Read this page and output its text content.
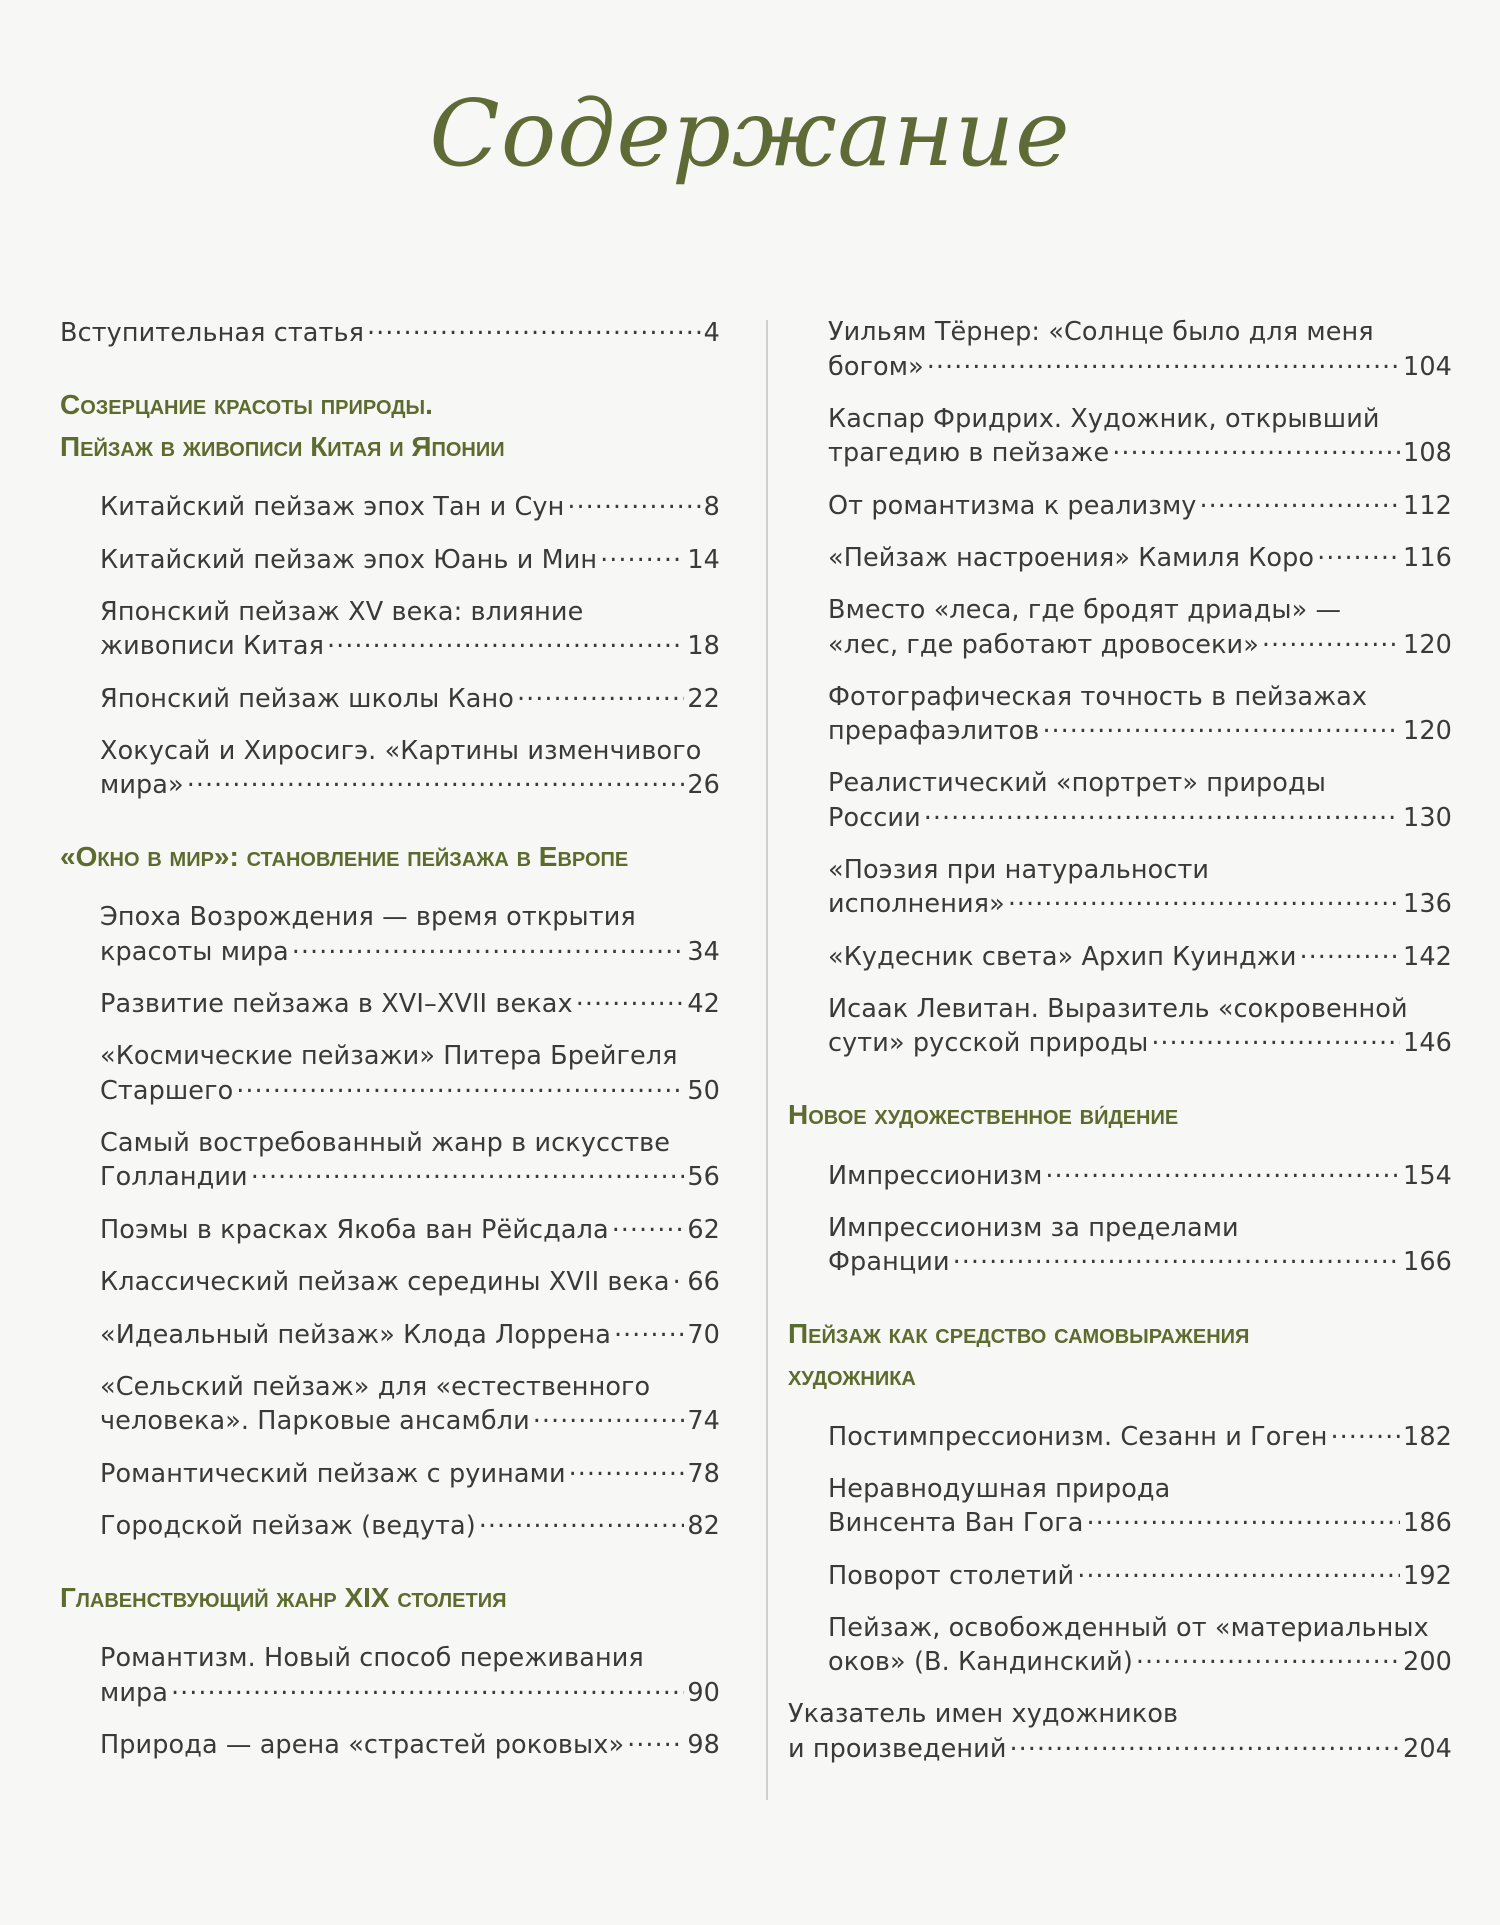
Содержание
Вступительная статья .....	4
Созерцание красоты природы.
Пейзаж в живописи Китая и Японии
Китайский пейзаж эпох Тан и Сун .....	8
Китайский пейзаж эпох Юань и Мин .....	14
Японский пейзаж XV века: влияние
живописи Китая .....	18
Японский пейзаж школы Кано .....	22
Хокусай и Хиросигэ. «Картины изменчивого
мира» .....	26
«Окно в мир»: становление пейзажа в Европе
Эпоха Возрождения — время открытия
красоты мира .....	34
Развитие пейзажа в XVI–XVII веках .....	42
«Космические пейзажи» Питера Брейгеля
Старшего .....	50
Самый востребованный жанр в искусстве
Голландии .....	56
Поэмы в красках Якоба ван Рёйсдала .....	62
Классический пейзаж середины XVII века ..... 66
«Идеальный пейзаж» Клода Лоррена .....	70
«Сельский пейзаж» для «естественного
человека». Парковые ансамбли .....	74
Романтический пейзаж с руинами .....	78
Городской пейзаж (ведута) .....	82
Главенствующий жанр XIX столетия
Романтизм. Новый способ переживания
мира .....	90
Природа — арена «страстей роковых» ..... 98
Уильям Тёрнер: «Солнце было для меня
богом» .....	104
Каспар Фридрих. Художник, открывший
трагедию в пейзаже .....	108
От романтизма к реализму .....	112
«Пейзаж настроения» Камиля Коро .....	116
Вместо «леса, где бродят дриады» —
«лес, где работают дровосеки» .....	120
Фотографическая точность в пейзажах
прерафаэлитов .....	120
Реалистический «портрет» природы
России .....	130
«Поэзия при натуральности
исполнения» .....	136
«Кудесник света» Архип Куинджи .....	142
Исаак Левитан. Выразитель «сокровенной
сути» русской природы .....	146
Новое художественное ви́дение
Импрессионизм .....	154
Импрессионизм за пределами
Франции .....	166
Пейзаж как средство самовыражения
художника
Постимпрессионизм. Сезанн и Гоген .....	182
Неравнодушная природа
Винсента Ван Гога .....	186
Поворот столетий .....	192
Пейзаж, освобожденный от «материальных
оков» (В. Кандинский) .....	200
Указатель имен художников
и произведений .....	204
